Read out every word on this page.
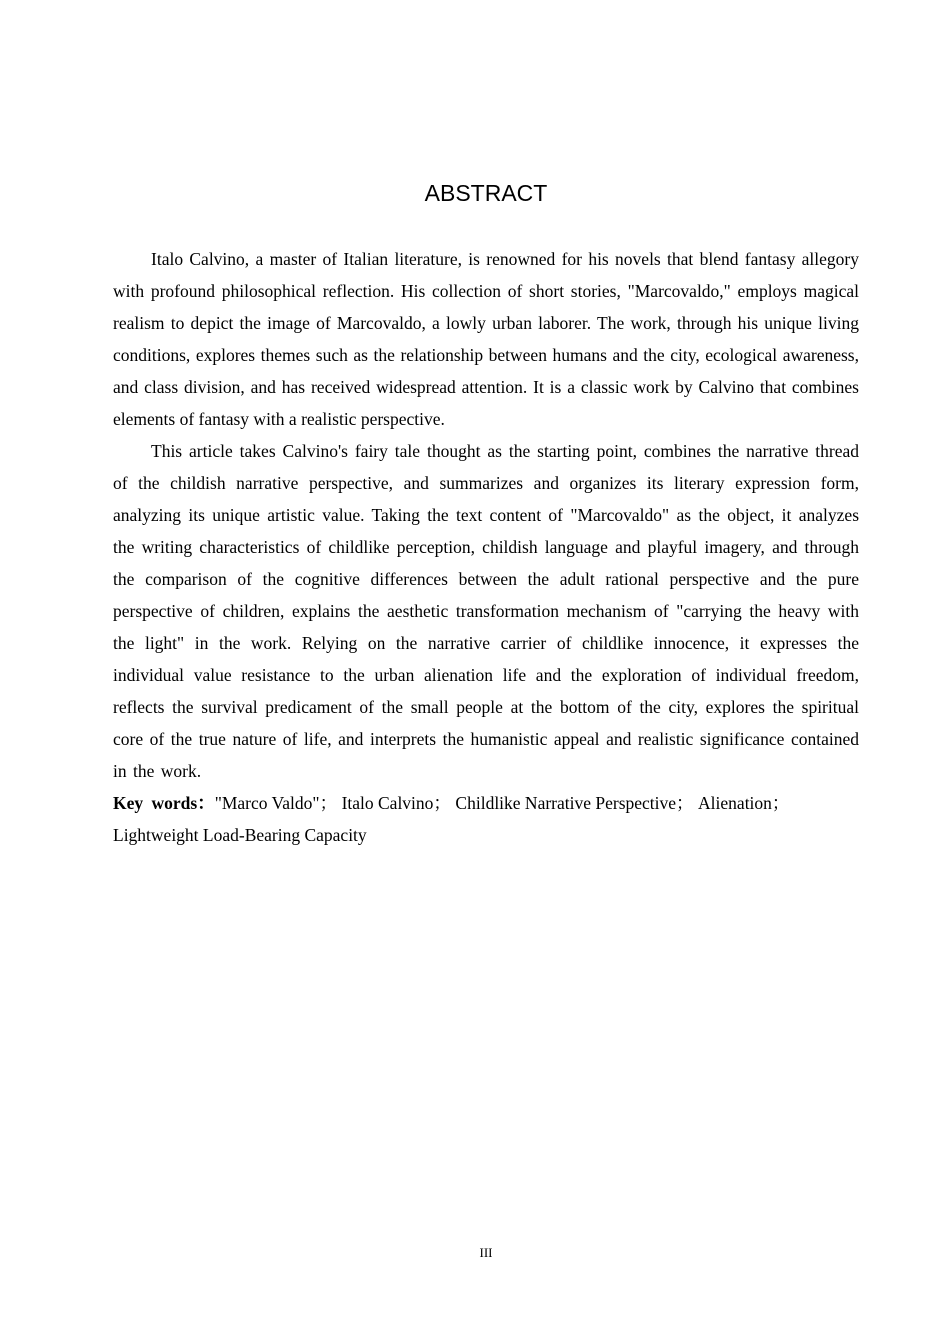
ABSTRACT

Italo Calvino, a master of Italian literature, is renowned for his novels that blend fantasy allegory with profound philosophical reflection. His collection of short stories, "Marcovaldo," employs magical realism to depict the image of Marcovaldo, a lowly urban laborer. The work, through his unique living conditions, explores themes such as the relationship between humans and the city, ecological awareness, and class division, and has received widespread attention. It is a classic work by Calvino that combines elements of fantasy with a realistic perspective.

This article takes Calvino's fairy tale thought as the starting point, combines the narrative thread of the childish narrative perspective, and summarizes and organizes its literary expression form, analyzing its unique artistic value. Taking the text content of "Marcovaldo" as the object, it analyzes the writing characteristics of childlike perception, childish language and playful imagery, and through the comparison of the cognitive differences between the adult rational perspective and the pure perspective of children, explains the aesthetic transformation mechanism of "carrying the heavy with the light" in the work. Relying on the narrative carrier of childlike innocence, it expresses the individual value resistance to the urban alienation life and the exploration of individual freedom, reflects the survival predicament of the small people at the bottom of the city, explores the spiritual core of the true nature of life, and interprets the humanistic appeal and realistic significance contained in the work.

Key words："Marco Valdo"； Italo Calvino； Childlike Narrative Perspective； Alienation；
Lightweight Load-Bearing Capacity

III
